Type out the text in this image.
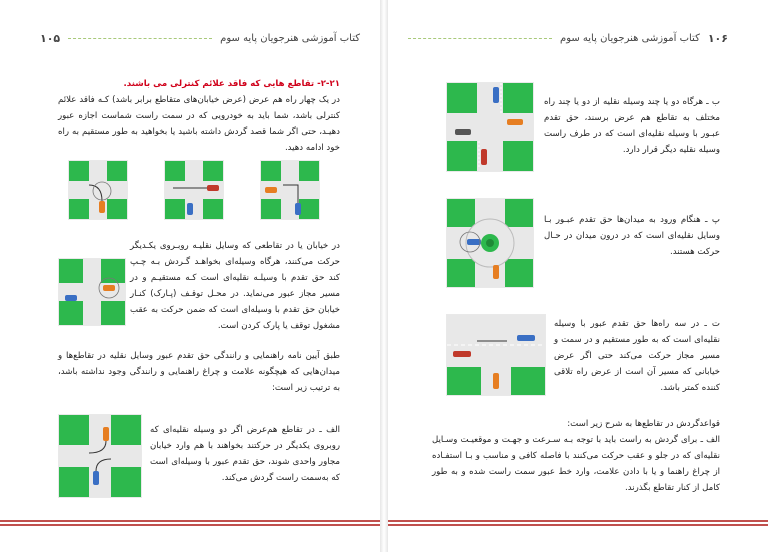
کتاب آموزشی هنرجویان پایه سوم
۱۰۵
۲-۲۱- تقاطع هایی که فاقد علائم کنترلی می باشند.
در یک چهار راه هم عرض (عرض خیابان‌های متقاطع برابر باشد) کـه فاقد علائم کنترلی باشد، شما باید به خودرویی که در سمت راست شماست اجازه عبور دهیـد، حتی اگر شما قصد گردش داشته باشید یا بخواهید به طور مستقیم به راه خود ادامه دهید.
در خیابان یا در تقاطعی که وسایل نقلیـه روبـروی یکـدیگر حرکت می‌کنند، هرگاه وسیله‌ای بخواهـد گـردش بـه چـپ کند حق تقدم با وسیلـه نقلیه‌ای است کـه مستقیـم و در مسیر مجاز عبور می‌نماید. در محـل توقـف (پـارک) کنـار خیابان حق تقدم با وسیله‌ای است که ضمن حرکت به عقب مشغول توقف یا پارک کردن است.
طبق آیین نامه راهنمایی و رانندگی حق تقدم عبور وسایل نقلیه در تقاطع‌ها و میدان‌هایی که هیچگونه علامت و چراغ راهنمایی و رانندگی وجود نداشته باشد، به ترتیب زیر است:
الف ـ در تقاطع هم‌عرض اگر دو وسیله نقلیه‌ای که روبروی یکدیگر در حرکتند بخواهند با هم وارد خیابان مجاور واحدی شوند، حق تقدم عبور با وسیله‌ای است که به‌سمت راست گردش می‌کند.
۱۰۶
کتاب آموزشی هنرجویان پایه سوم
ب ـ هرگاه دو یا چند وسیله نقلیه از دو یا چند راه مختلف به تقاطع هم عرض برسند، حق تقدم عبـور با وسیله نقلیه‌ای است که در طرف راست وسیله نقلیه دیگر قرار دارد.
پ ـ هنگام ورود به میدان‌ها حق تقدم عبـور بـا وسایل نقلیه‌ای است که در درون میدان در حـال حرکت هستند.
ت ـ در سه راه‌ها حق تقدم عبور با وسیله نقلیه‌ای است که به طور مستقیم و در سمت و مسیر مجاز حرکت می‌کند حتی اگر عرض خیابانی که مسیر آن است از عرض راه تلاقی کننده کمتر باشد.
قواعدگردش در تقاطع‌ها به شرح زیر است:
الف ـ برای گردش به راست باید با توجه بـه سـرعت و جهـت و موقعیـت وسـایل نقلیه‌ای که در جلو و عقب حرکت می‌کنند با فاصله کافی و مناسب و بـا استفـاده از چراغ راهنما و یا با دادن علامت، وارد خط عبور سمت راست شده و به طور کامل از کنار تقاطع بگذرند.
